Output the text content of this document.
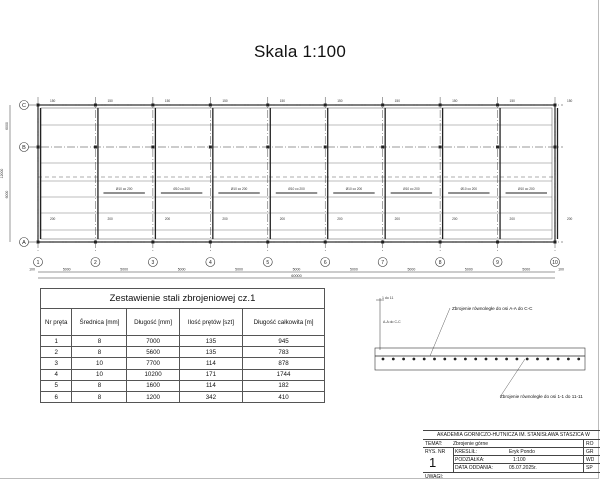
Skala 1:100
C
B
A
1	2	3	4	5	6	7	8	9	10
Ø10 co 200	Ø10 co 200	Ø10 co 200	Ø10 co 200	Ø10 co 200	Ø10 co 200	Ø10 co 200	Ø10 co 200
150
200
150
200
150
200
150
200
150
200
150
200
150
200
150
200
150
200
150
200
5000	5000	5000	5000	5000	5000	5000	5000	5000
100	100
60000
6000
6000
12000
Zestawienie stali zbrojeniowej cz.1
Nr pręta	Średnica [mm]	Długość [mm]	Ilość prętów [szt]	Długość całkowita [m]
1	8	7000	135	945
2	8	5600	135	783
3	10	7700	114	878
4	10	10200	171	1744
5	8	1600	114	182
6	8	1200	342	410
1 do 11
A-A do C-C
Zbrojenie równoległe do osi A-A do C-C
Zbrojenie równoległe do osi 1-1 do 11-11
AKADEMIA GÓRNICZO-HUTNICZA IM. STANISŁAWA STASZICA W
TEMAT: Zbrojenie górne
RYS. NR
1
KREŚLIŁ:	Eryk Pondo
PODZIAŁKA:	1:100
DATA ODDANIA:	05.07.2025r.
UWAGI:
RO
GR
WD
SP
